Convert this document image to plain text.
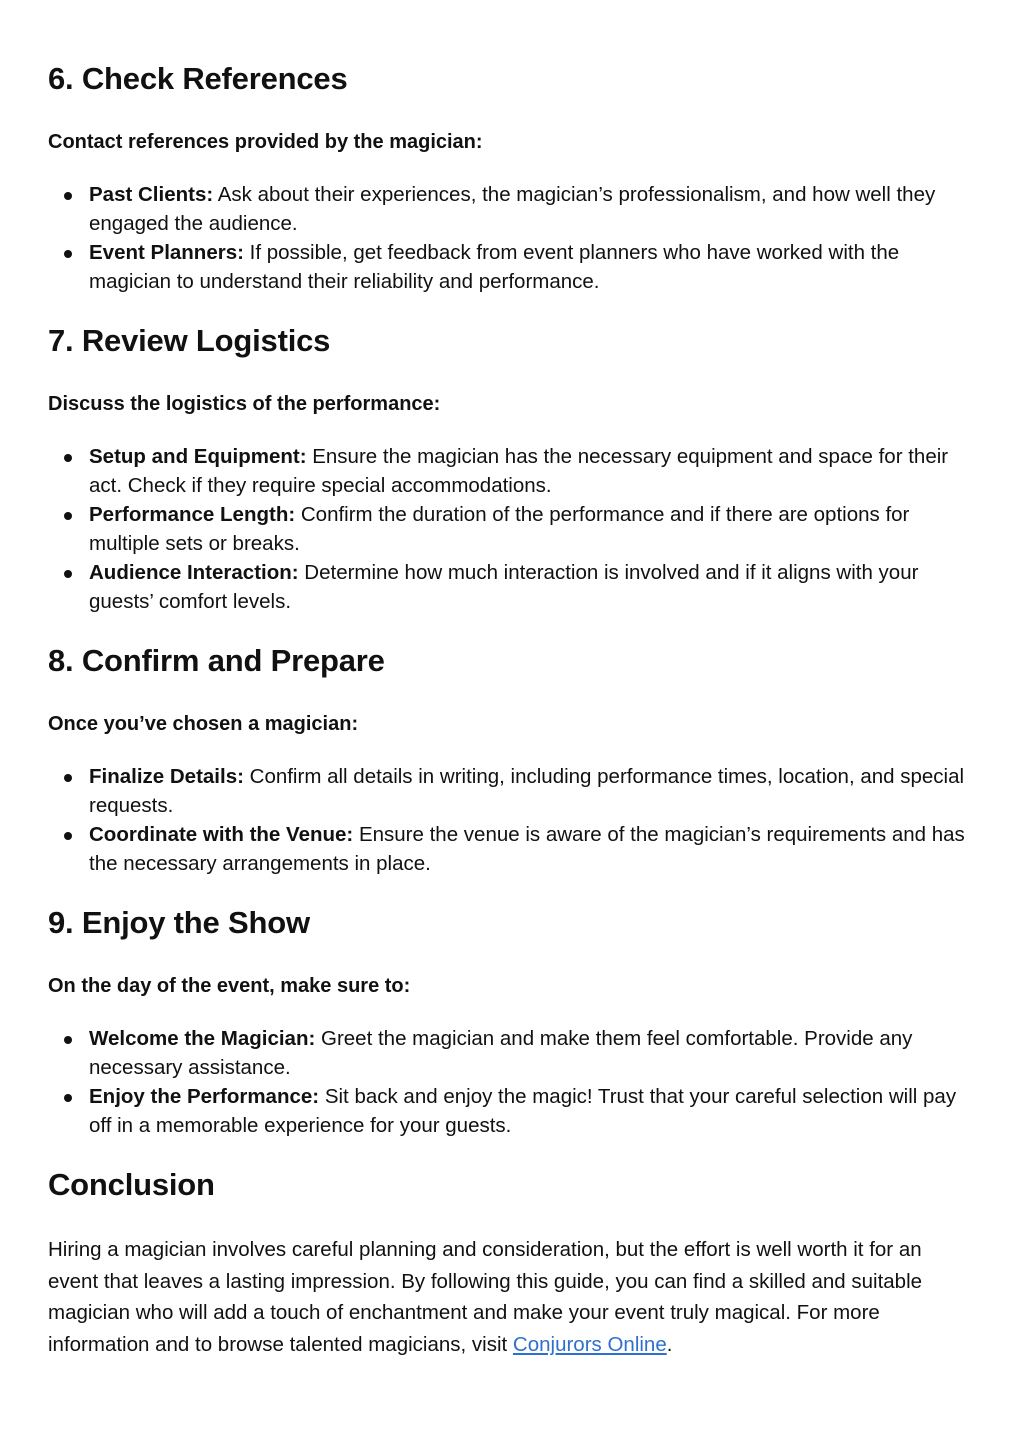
6. Check References

Contact references provided by the magician:

Past Clients: Ask about their experiences, the magician’s professionalism, and how well they engaged the audience.
Event Planners: If possible, get feedback from event planners who have worked with the magician to understand their reliability and performance.
7. Review Logistics

Discuss the logistics of the performance:

Setup and Equipment: Ensure the magician has the necessary equipment and space for their act. Check if they require special accommodations.
Performance Length: Confirm the duration of the performance and if there are options for multiple sets or breaks.
Audience Interaction: Determine how much interaction is involved and if it aligns with your guests’ comfort levels.
8. Confirm and Prepare

Once you’ve chosen a magician:

Finalize Details: Confirm all details in writing, including performance times, location, and special requests.
Coordinate with the Venue: Ensure the venue is aware of the magician’s requirements and has the necessary arrangements in place.
9. Enjoy the Show

On the day of the event, make sure to:

Welcome the Magician: Greet the magician and make them feel comfortable. Provide any necessary assistance.
Enjoy the Performance: Sit back and enjoy the magic! Trust that your careful selection will pay off in a memorable experience for your guests.
Conclusion

Hiring a magician involves careful planning and consideration, but the effort is well worth it for an event that leaves a lasting impression. By following this guide, you can find a skilled and suitable magician who will add a touch of enchantment and make your event truly magical. For more information and to browse talented magicians, visit Conjurors Online.
